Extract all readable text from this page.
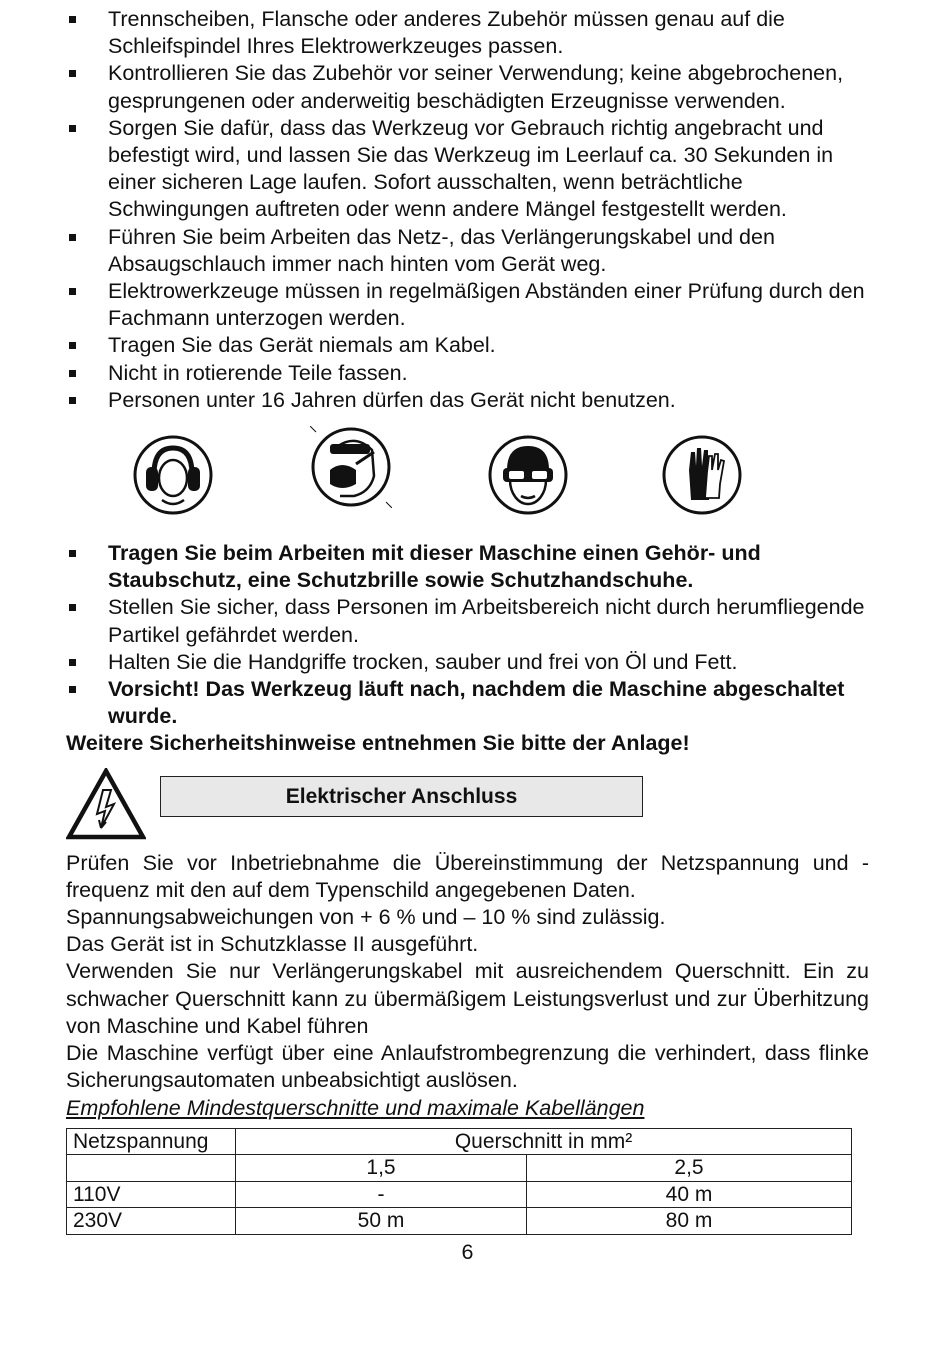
Trennscheiben, Flansche oder anderes Zubehör müssen genau auf die Schleifspindel Ihres Elektrowerkzeuges passen.
Kontrollieren Sie das Zubehör vor seiner Verwendung; keine abgebrochenen, gesprungenen oder anderweitig beschädigten Erzeugnisse verwenden.
Sorgen Sie dafür, dass das Werkzeug vor Gebrauch richtig angebracht und befestigt wird, und lassen Sie das Werkzeug im Leerlauf ca. 30 Sekunden in einer sicheren Lage laufen. Sofort ausschalten, wenn beträchtliche Schwingungen auftreten oder wenn andere Mängel festgestellt werden.
Führen Sie beim Arbeiten das Netz-, das Verlängerungskabel und den Absaugschlauch immer nach hinten vom Gerät weg.
Elektrowerkzeuge müssen in regelmäßigen Abständen einer Prüfung durch den Fachmann unterzogen werden.
Tragen Sie das Gerät niemals am Kabel.
Nicht in rotierende Teile fassen.
Personen unter 16 Jahren dürfen das Gerät nicht benutzen.
Tragen Sie beim Arbeiten mit dieser Maschine einen Gehör- und Staubschutz, eine Schutzbrille sowie Schutzhandschuhe.
Stellen Sie sicher, dass Personen im Arbeitsbereich nicht durch herumfliegende Partikel gefährdet werden.
Halten Sie die Handgriffe trocken, sauber und frei von Öl und Fett.
Vorsicht! Das Werkzeug läuft nach, nachdem die Maschine abgeschaltet wurde.

Weitere Sicherheitshinweise entnehmen Sie bitte der Anlage!

Elektrischer Anschluss

Prüfen Sie vor Inbetriebnahme die Übereinstimmung der Netzspannung und -frequenz mit den auf dem Typenschild angegebenen Daten.

Spannungsabweichungen von + 6 % und – 10 % sind zulässig.

Das Gerät ist in Schutzklasse II ausgeführt.

Verwenden Sie nur Verlängerungskabel mit ausreichendem Querschnitt. Ein zu schwacher Querschnitt kann zu übermäßigem Leistungsverlust und zur Überhitzung von Maschine und Kabel führen

Die Maschine verfügt über eine Anlaufstrombegrenzung die verhindert, dass flinke Sicherungsautomaten unbeabsichtigt auslösen.

Empfohlene Mindestquerschnitte und maximale Kabellängen

Netzspannung	Querschnitt in mm²	
	1,5	2,5
110V	-	40 m
230V	50 m	80 m
6
